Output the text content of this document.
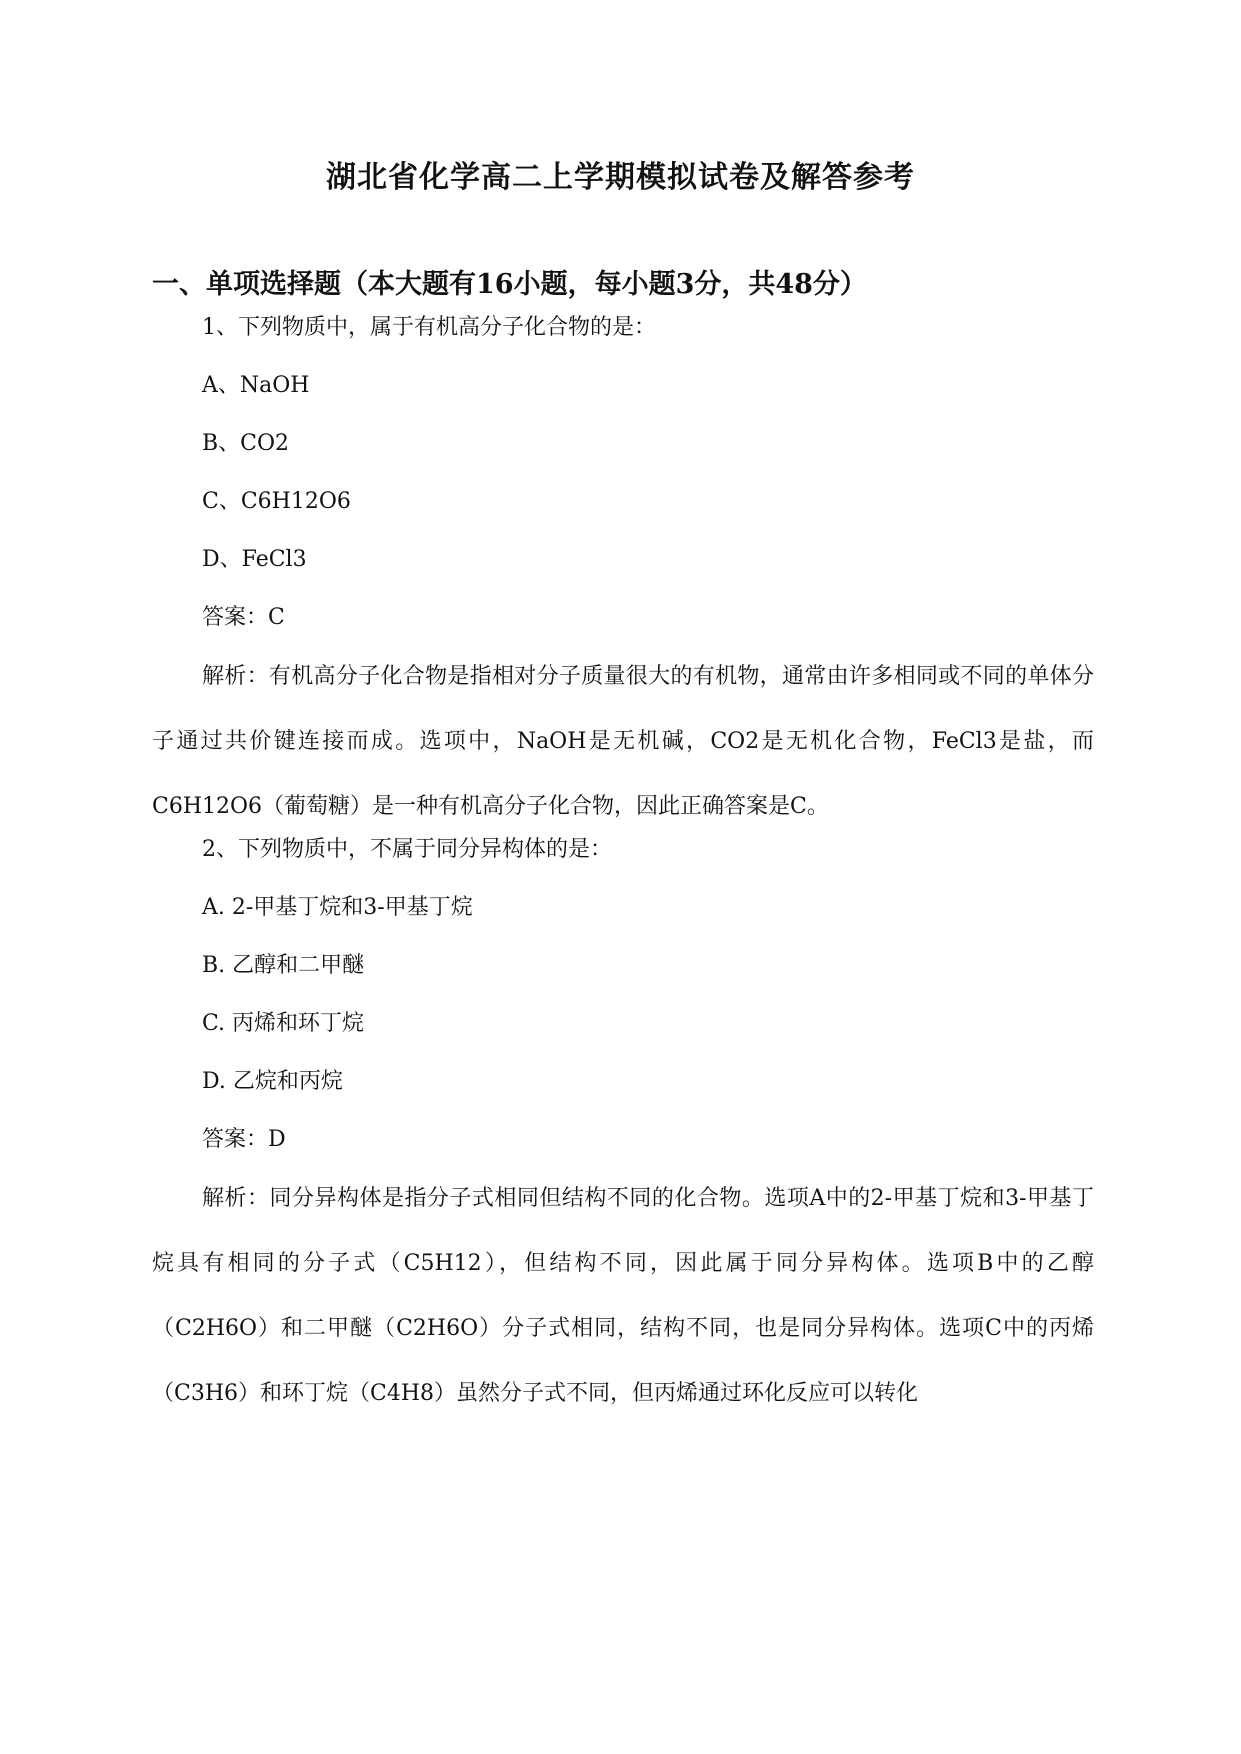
湖北省化学高二上学期模拟试卷及解答参考
一、单项选择题（本大题有16小题，每小题3分，共48分）

1、下列物质中，属于有机高分子化合物的是：

A、NaOH

B、CO2

C、C6H12O6

D、FeCl3

答案：C

解析：有机高分子化合物是指相对分子质量很大的有机物，通常由许多相同或不同的单体分子通过共价键连接而成。选项中，NaOH是无机碱，CO2是无机化合物，FeCl3是盐，而C6H12O6（葡萄糖）是一种有机高分子化合物，因此正确答案是C。

2、下列物质中，不属于同分异构体的是：

A. 2-甲基丁烷和3-甲基丁烷

B. 乙醇和二甲醚

C. 丙烯和环丁烷

D. 乙烷和丙烷

答案：D

解析：同分异构体是指分子式相同但结构不同的化合物。选项A中的2-甲基丁烷和3-甲基丁烷具有相同的分子式（C5H12），但结构不同，因此属于同分异构体。选项B中的乙醇（C2H6O）和二甲醚（C2H6O）分子式相同，结构不同，也是同分异构体。选项C中的丙烯（C3H6）和环丁烷（C4H8）虽然分子式不同，但丙烯通过环化反应可以转化
